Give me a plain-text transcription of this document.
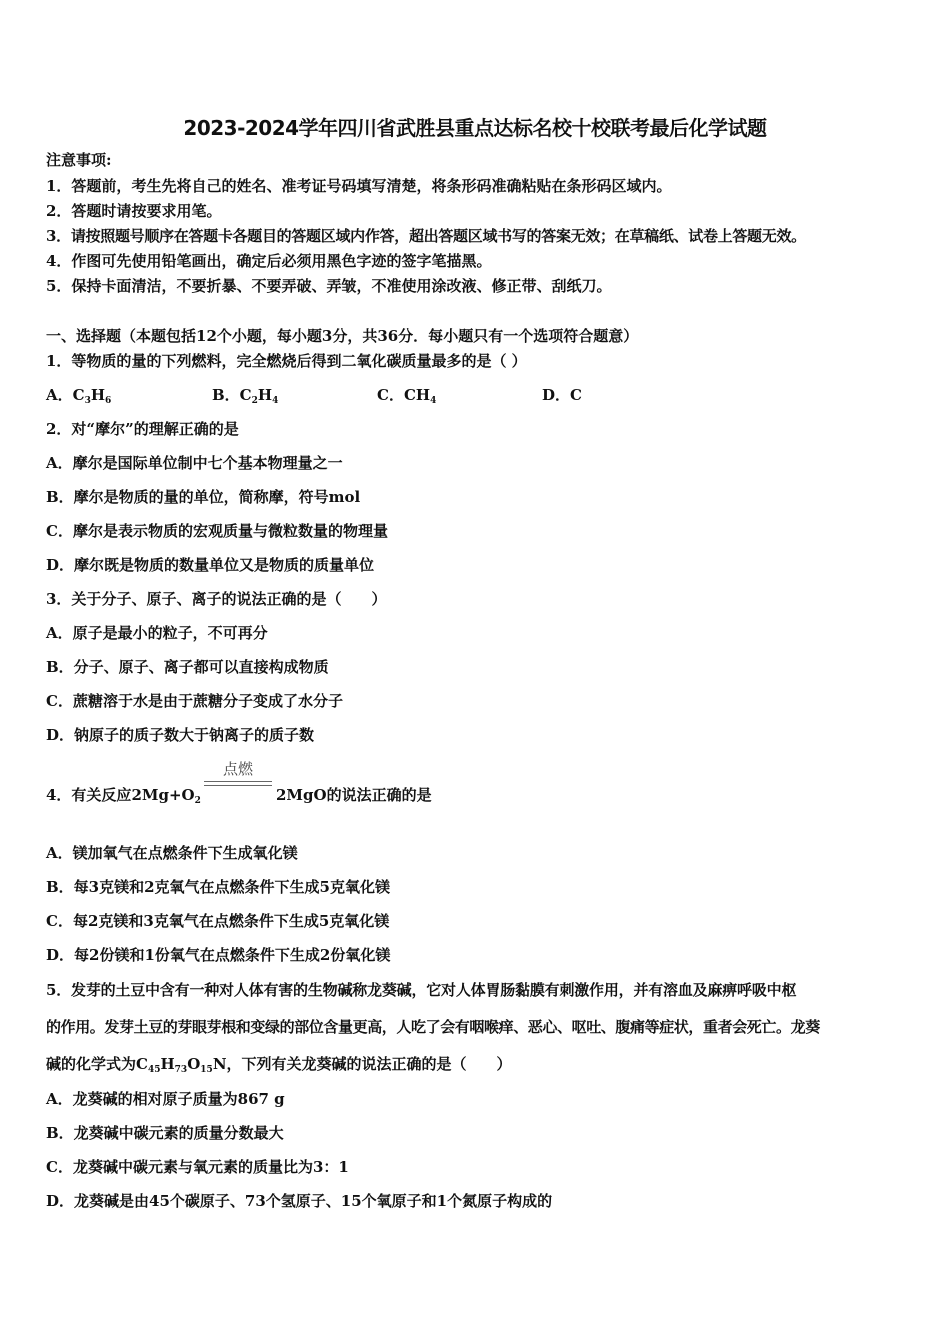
2023-2024学年四川省武胜县重点达标名校十校联考最后化学试题
注意事项:
1．答题前，考生先将自己的姓名、准考证号码填写清楚，将条形码准确粘贴在条形码区域内。
2．答题时请按要求用笔。
3．请按照题号顺序在答题卡各题目的答题区域内作答，超出答题区域书写的答案无效；在草稿纸、试卷上答题无效。
4．作图可先使用铅笔画出，确定后必须用黑色字迹的签字笔描黑。
5．保持卡面清洁，不要折暴、不要弄破、弄皱，不准使用涂改液、修正带、刮纸刀。
一、选择题（本题包括12个小题，每小题3分，共36分．每小题只有一个选项符合题意）
1．等物质的量的下列燃料，完全燃烧后得到二氧化碳质量最多的是（ ）
A．$C_3H_6$	B．$C_2H_4$	C．$CH_4$	D．C
2．对“摩尔”的理解正确的是
A．摩尔是国际单位制中七个基本物理量之一
B．摩尔是物质的量的单位，简称摩，符号mol
C．摩尔是表示物质的宏观质量与微粒数量的物理量
D．摩尔既是物质的数量单位又是物质的质量单位
3．关于分子、原子、离子的说法正确的是（　　）
A．原子是最小的粒子，不可再分
B．分子、原子、离子都可以直接构成物质
C．蔗糖溶于水是由于蔗糖分子变成了水分子
D．钠原子的质子数大于钠离子的质子数
点燃
4．有关反应$2Mg+O_2$	2MgO的说法正确的是
A．镁加氧气在点燃条件下生成氧化镁
B．每3克镁和2克氧气在点燃条件下生成5克氧化镁
C．每2克镁和3克氧气在点燃条件下生成5克氧化镁
D．每2份镁和1份氧气在点燃条件下生成2份氧化镁
5．发芽的土豆中含有一种对人体有害的生物碱称龙葵碱，它对人体胃肠黏膜有刺激作用，并有溶血及麻痹呼吸中枢
的作用。发芽土豆的芽眼芽根和变绿的部位含量更高，人吃了会有咽喉痒、恶心、呕吐、腹痛等症状，重者会死亡。龙葵
碱的化学式为$C_{45}H_{73}O_{15}N$，下列有关龙葵碱的说法正确的是（　　）
A．龙葵碱的相对原子质量为867 g
B．龙葵碱中碳元素的质量分数最大
C．龙葵碱中碳元素与氧元素的质量比为3：1
D．龙葵碱是由45个碳原子、73个氢原子、15个氧原子和1个氮原子构成的
